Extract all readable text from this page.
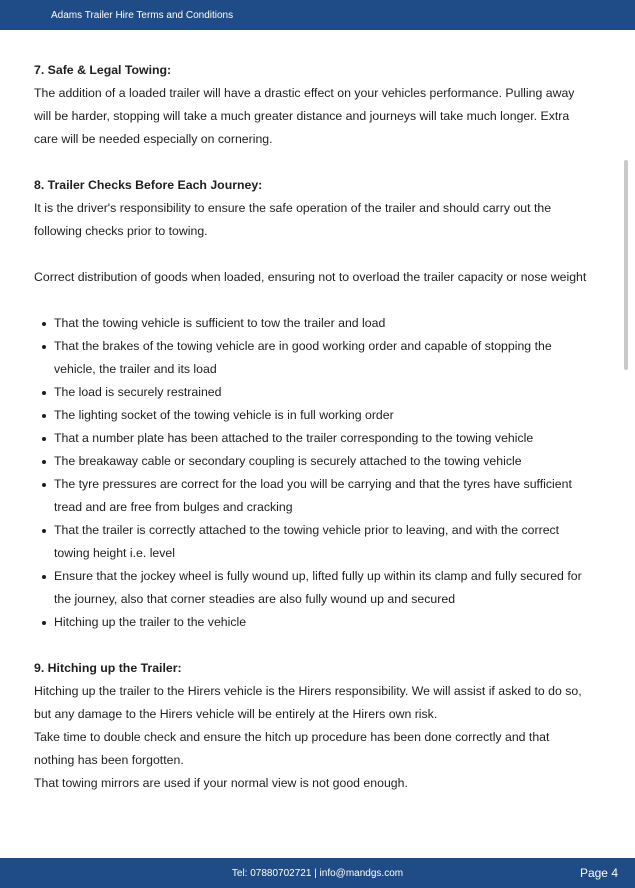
Adams Trailer Hire Terms and Conditions

7. Safe & Legal Towing:

The addition of a loaded trailer will have a drastic effect on your vehicles performance. Pulling away

will be harder, stopping will take a much greater distance and journeys will take much longer. Extra

care will be needed especially on cornering.

8. Trailer Checks Before Each Journey:

It is the driver's responsibility to ensure the safe operation of the trailer and should carry out the

following checks prior to towing.

Correct distribution of goods when loaded, ensuring not to overload the trailer capacity or nose weight

That the towing vehicle is sufficient to tow the trailer and load
That the brakes of the towing vehicle are in good working order and capable of stopping the
vehicle, the trailer and its load
The load is securely restrained
The lighting socket of the towing vehicle is in full working order
That a number plate has been attached to the trailer corresponding to the towing vehicle
The breakaway cable or secondary coupling is securely attached to the towing vehicle
The tyre pressures are correct for the load you will be carrying and that the tyres have sufficient
tread and are free from bulges and cracking
That the trailer is correctly attached to the towing vehicle prior to leaving, and with the correct
towing height i.e. level
Ensure that the jockey wheel is fully wound up, lifted fully up within its clamp and fully secured for
the journey, also that corner steadies are also fully wound up and secured
Hitching up the trailer to the vehicle

9. Hitching up the Trailer:

Hitching up the trailer to the Hirers vehicle is the Hirers responsibility. We will assist if asked to do so,

but any damage to the Hirers vehicle will be entirely at the Hirers own risk.

Take time to double check and ensure the hitch up procedure has been done correctly and that

nothing has been forgotten.

That towing mirrors are used if your normal view is not good enough.

Tel: 07880702721 | info@mandgs.com	Page 4
